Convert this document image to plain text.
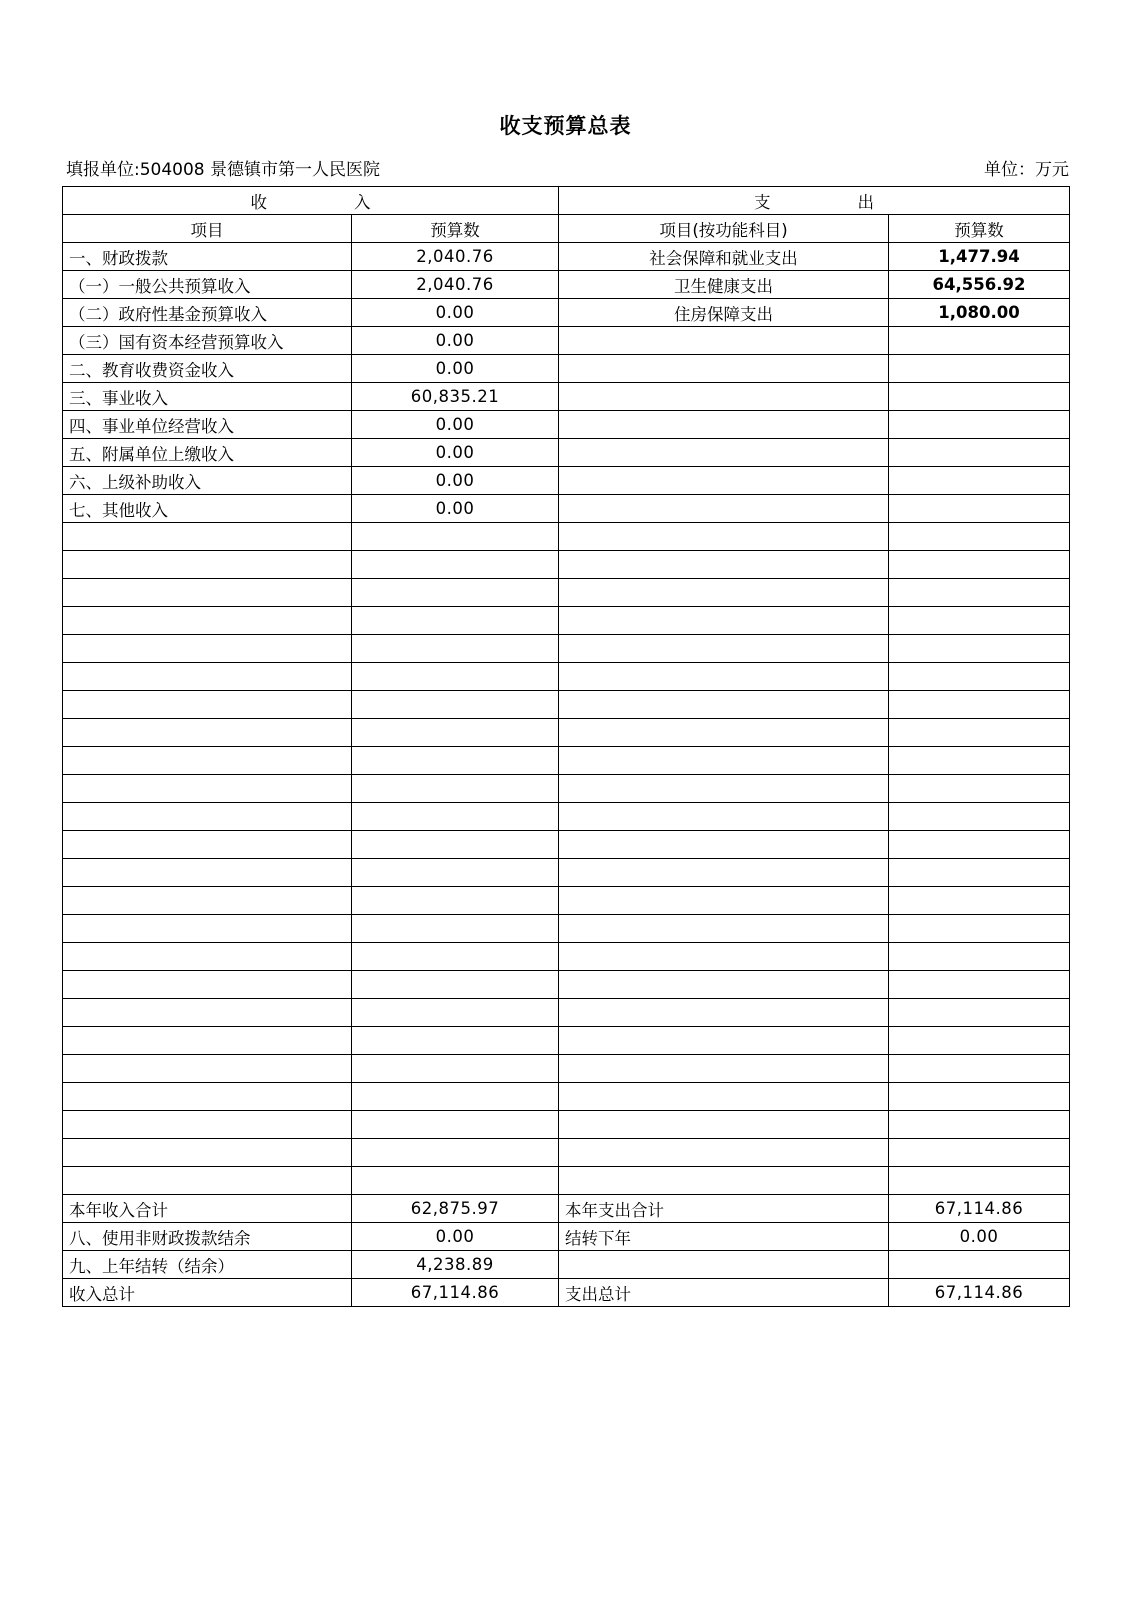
收支预算总表
填报单位:504008 景德镇市第一人民医院	单位：万元
收　　入		支　　出	
项目	预算数	项目(按功能科目)	预算数
一、财政拨款	2,040.76	社会保障和就业支出	1,477.94
（一）一般公共预算收入	2,040.76	卫生健康支出	64,556.92
（二）政府性基金预算收入	0.00	住房保障支出	1,080.00
（三）国有资本经营预算收入	0.00		
二、教育收费资金收入	0.00		
三、事业收入	60,835.21		
四、事业单位经营收入	0.00		
五、附属单位上缴收入	0.00		
六、上级补助收入	0.00		
七、其他收入	0.00		

本年收入合计	62,875.97	本年支出合计	67,114.86
八、使用非财政拨款结余	0.00	结转下年	0.00
九、上年结转（结余）	4,238.89		
收入总计	67,114.86	支出总计	67,114.86
